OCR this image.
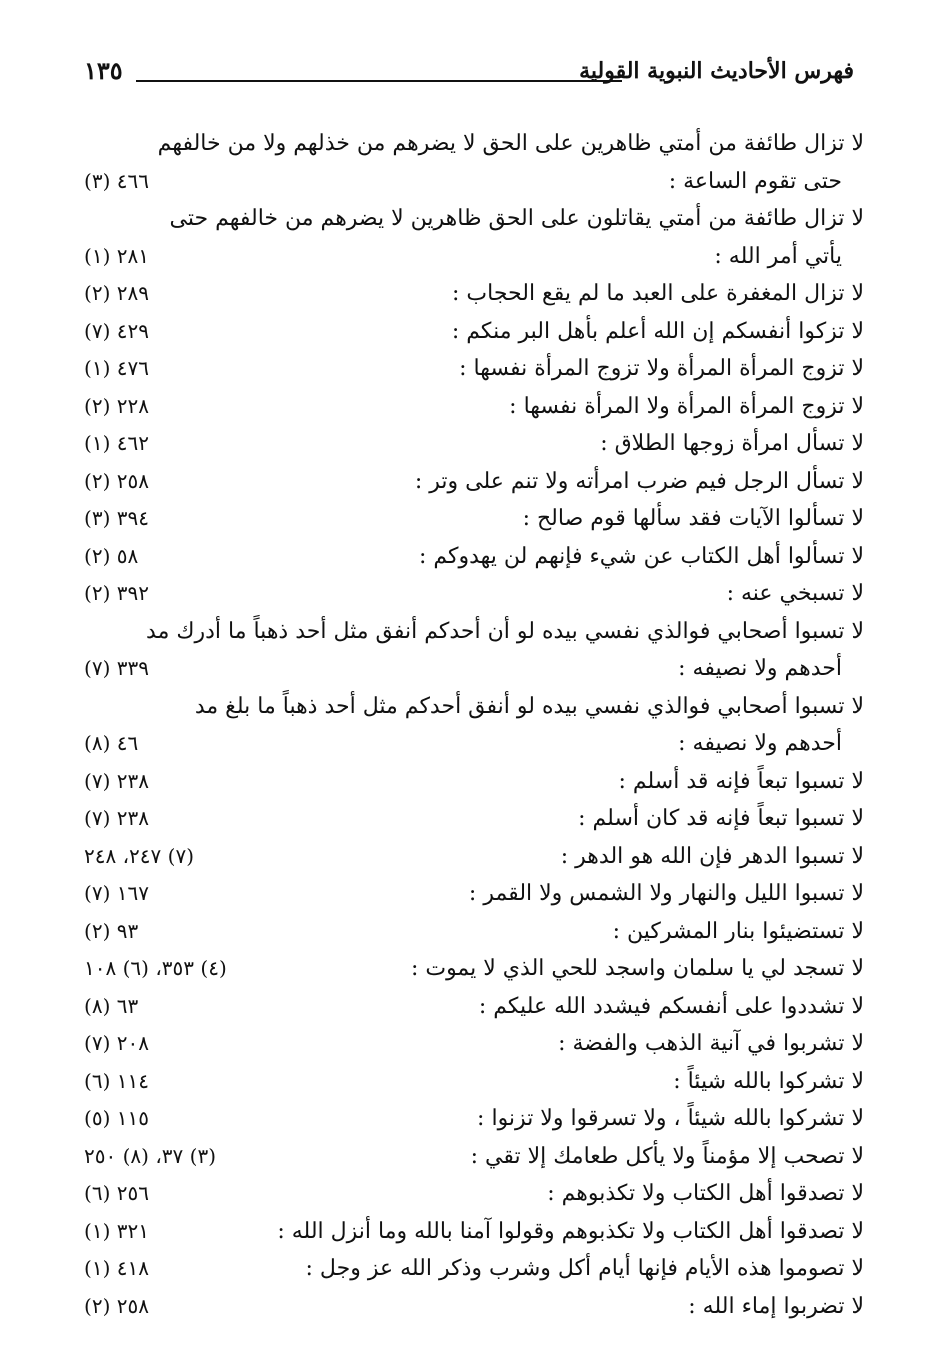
فهرس الأحاديث النبوية القولية
١٣٥
لا تزال طائفة من أمتي ظاهرين على الحق لا يضرهم من خذلهم ولا من خالفهم
حتى تقوم الساعة :
٤٦٦ (٣)
لا تزال طائفة من أمتي يقاتلون على الحق ظاهرين لا يضرهم من خالفهم حتى
يأتي أمر الله :
٢٨١ (١)
لا تزال المغفرة على العبد ما لم يقع الحجاب :
٢٨٩ (٢)
لا تزكوا أنفسكم إن الله أعلم بأهل البر منكم :
٤٢٩ (٧)
لا تزوج المرأة المرأة ولا تزوج المرأة نفسها :
٤٧٦ (١)
لا تزوج المرأة المرأة ولا المرأة نفسها :
٢٢٨ (٢)
لا تسأل امرأة زوجها الطلاق :
٤٦٢ (١)
لا تسأل الرجل فيم ضرب امرأته ولا تنم على وتر :
٢٥٨ (٢)
لا تسألوا الآيات فقد سألها قوم صالح :
٣٩٤ (٣)
لا تسألوا أهل الكتاب عن شيء فإنهم لن يهدوكم :
٥٨ (٢)
لا تسبخي عنه :
٣٩٢ (٢)
لا تسبوا أصحابي فوالذي نفسي بيده لو أن أحدكم أنفق مثل أحد ذهباً ما أدرك مد
أحدهم ولا نصيفه :
٣٣٩ (٧)
لا تسبوا أصحابي فوالذي نفسي بيده لو أنفق أحدكم مثل أحد ذهباً ما بلغ مد
أحدهم ولا نصيفه :
٤٦ (٨)
لا تسبوا تبعاً فإنه قد أسلم :
٢٣٨ (٧)
لا تسبوا تبعاً فإنه قد كان أسلم :
٢٣٨ (٧)
لا تسبوا الدهر فإن الله هو الدهر :
(٧) ٢٤٧، ٢٤٨
لا تسبوا الليل والنهار ولا الشمس ولا القمر :
١٦٧ (٧)
لا تستضيئوا بنار المشركين :
٩٣ (٢)
لا تسجد لي يا سلمان واسجد للحي الذي لا يموت :
(٤) ٣٥٣، (٦) ١٠٨
لا تشددوا على أنفسكم فيشدد الله عليكم :
٦٣ (٨)
لا تشربوا في آنية الذهب والفضة :
٢٠٨ (٧)
لا تشركوا بالله شيئاً :
١١٤ (٦)
لا تشركوا بالله شيئاً ، ولا تسرقوا ولا تزنوا :
١١٥ (٥)
لا تصحب إلا مؤمناً ولا يأكل طعامك إلا تقي :
(٣) ٣٧، (٨) ٢٥٠
لا تصدقوا أهل الكتاب ولا تكذبوهم :
٢٥٦ (٦)
لا تصدقوا أهل الكتاب ولا تكذبوهم وقولوا آمنا بالله وما أنزل الله :
٣٢١ (١)
لا تصوموا هذه الأيام فإنها أيام أكل وشرب وذكر الله عز وجل :
٤١٨ (١)
لا تضربوا إماء الله :
٢٥٨ (٢)
